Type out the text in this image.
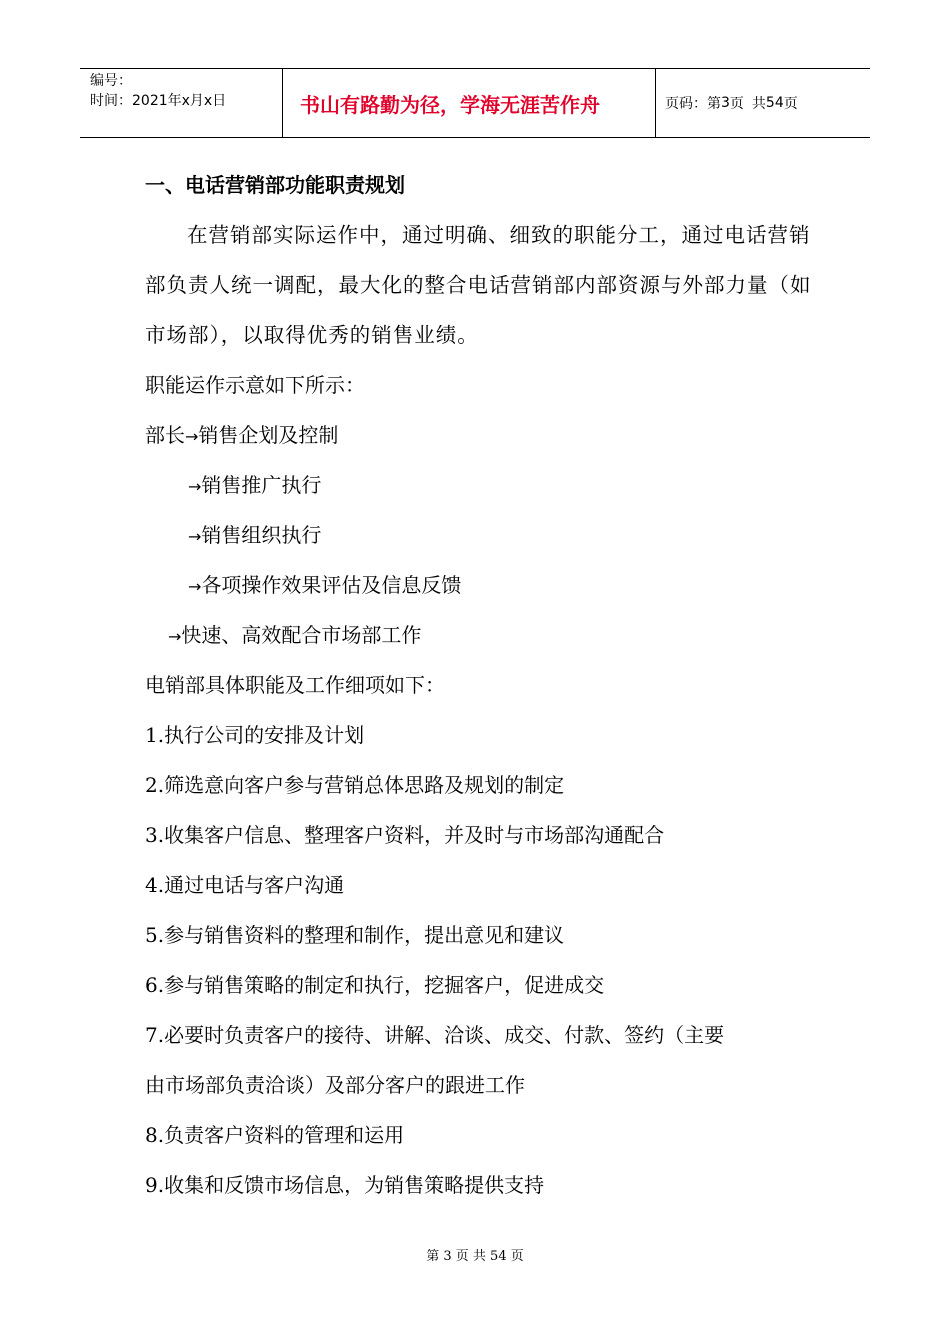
编号：
时间：2021年x月x日	书山有路勤为径，学海无涯苦作舟	页码：第 3 页 共 54 页
一、电话营销部功能职责规划

在营销部实际运作中，通过明确、细致的职能分工，通过电话营销部负责人统一调配，最大化的整合电话营销部内部资源与外部力量（如市场部），以取得优秀的销售业绩。

职能运作示意如下所示：

部长→销售企划及控制

→销售推广执行

→销售组织执行

→各项操作效果评估及信息反馈

→快速、高效配合市场部工作

电销部具体职能及工作细项如下：

1.执行公司的安排及计划

2.筛选意向客户参与营销总体思路及规划的制定

3.收集客户信息、整理客户资料，并及时与市场部沟通配合

4.通过电话与客户沟通

5.参与销售资料的整理和制作，提出意见和建议

6.参与销售策略的制定和执行，挖掘客户，促进成交

7.必要时负责客户的接待、讲解、洽谈、成交、付款、签约（主要

由市场部负责洽谈）及部分客户的跟进工作

8.负责客户资料的管理和运用

9.收集和反馈市场信息，为销售策略提供支持

第 3 页 共 54 页
